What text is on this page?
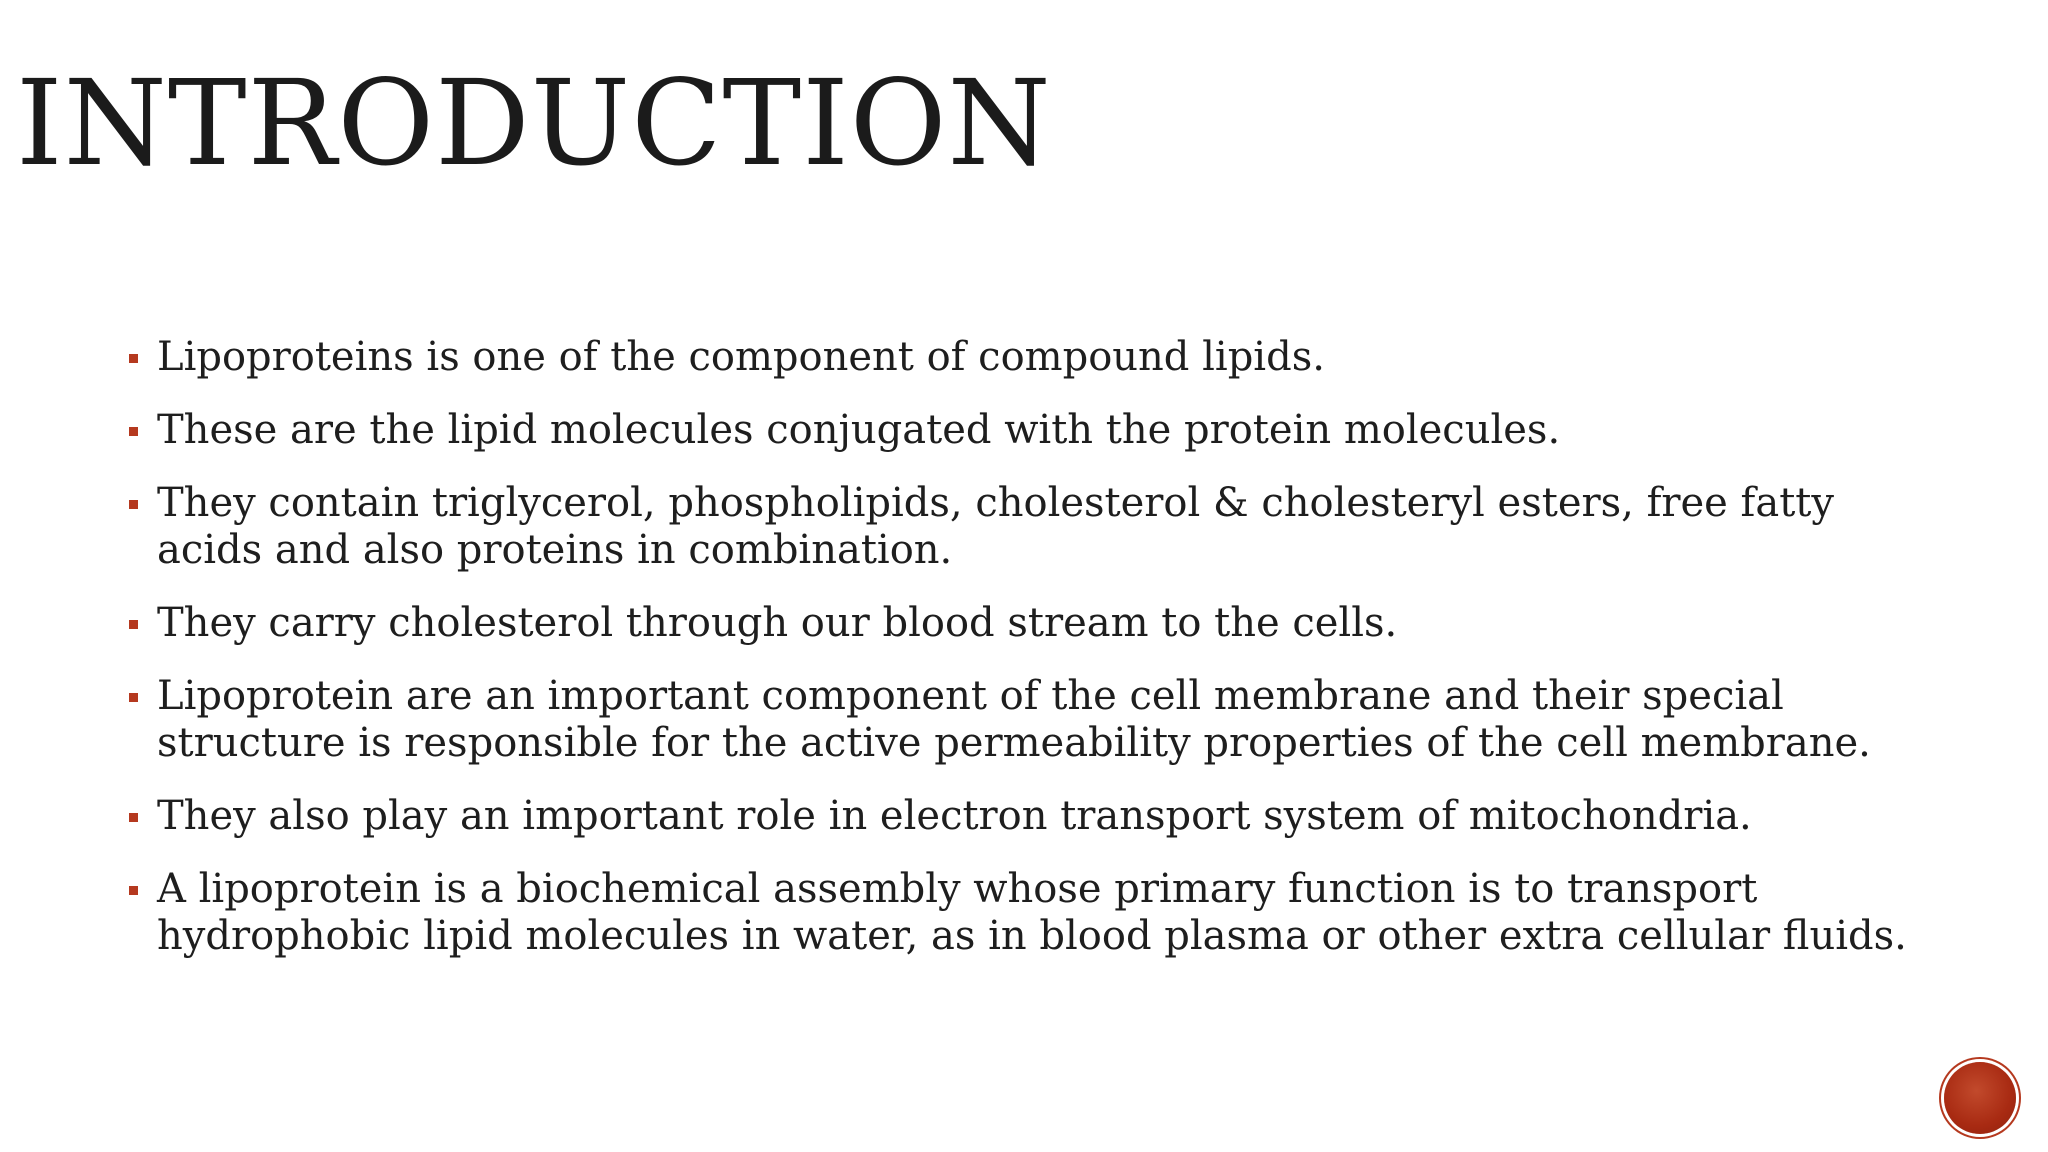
INTRODUCTION
Lipoproteins is one of the component of compound lipids.
These are the lipid molecules conjugated with the protein molecules.
They contain triglycerol, phospholipids, cholesterol & cholesteryl esters, free fatty acids and also proteins in combination.
They carry cholesterol through our blood stream to the cells.
Lipoprotein are an important component of the cell membrane and their special structure is responsible for the active permeability properties of the cell membrane.
They also play an important role in electron transport system of mitochondria.
A lipoprotein is a biochemical assembly whose primary function is to transport hydrophobic lipid molecules in water, as in blood plasma or other extra cellular fluids.
